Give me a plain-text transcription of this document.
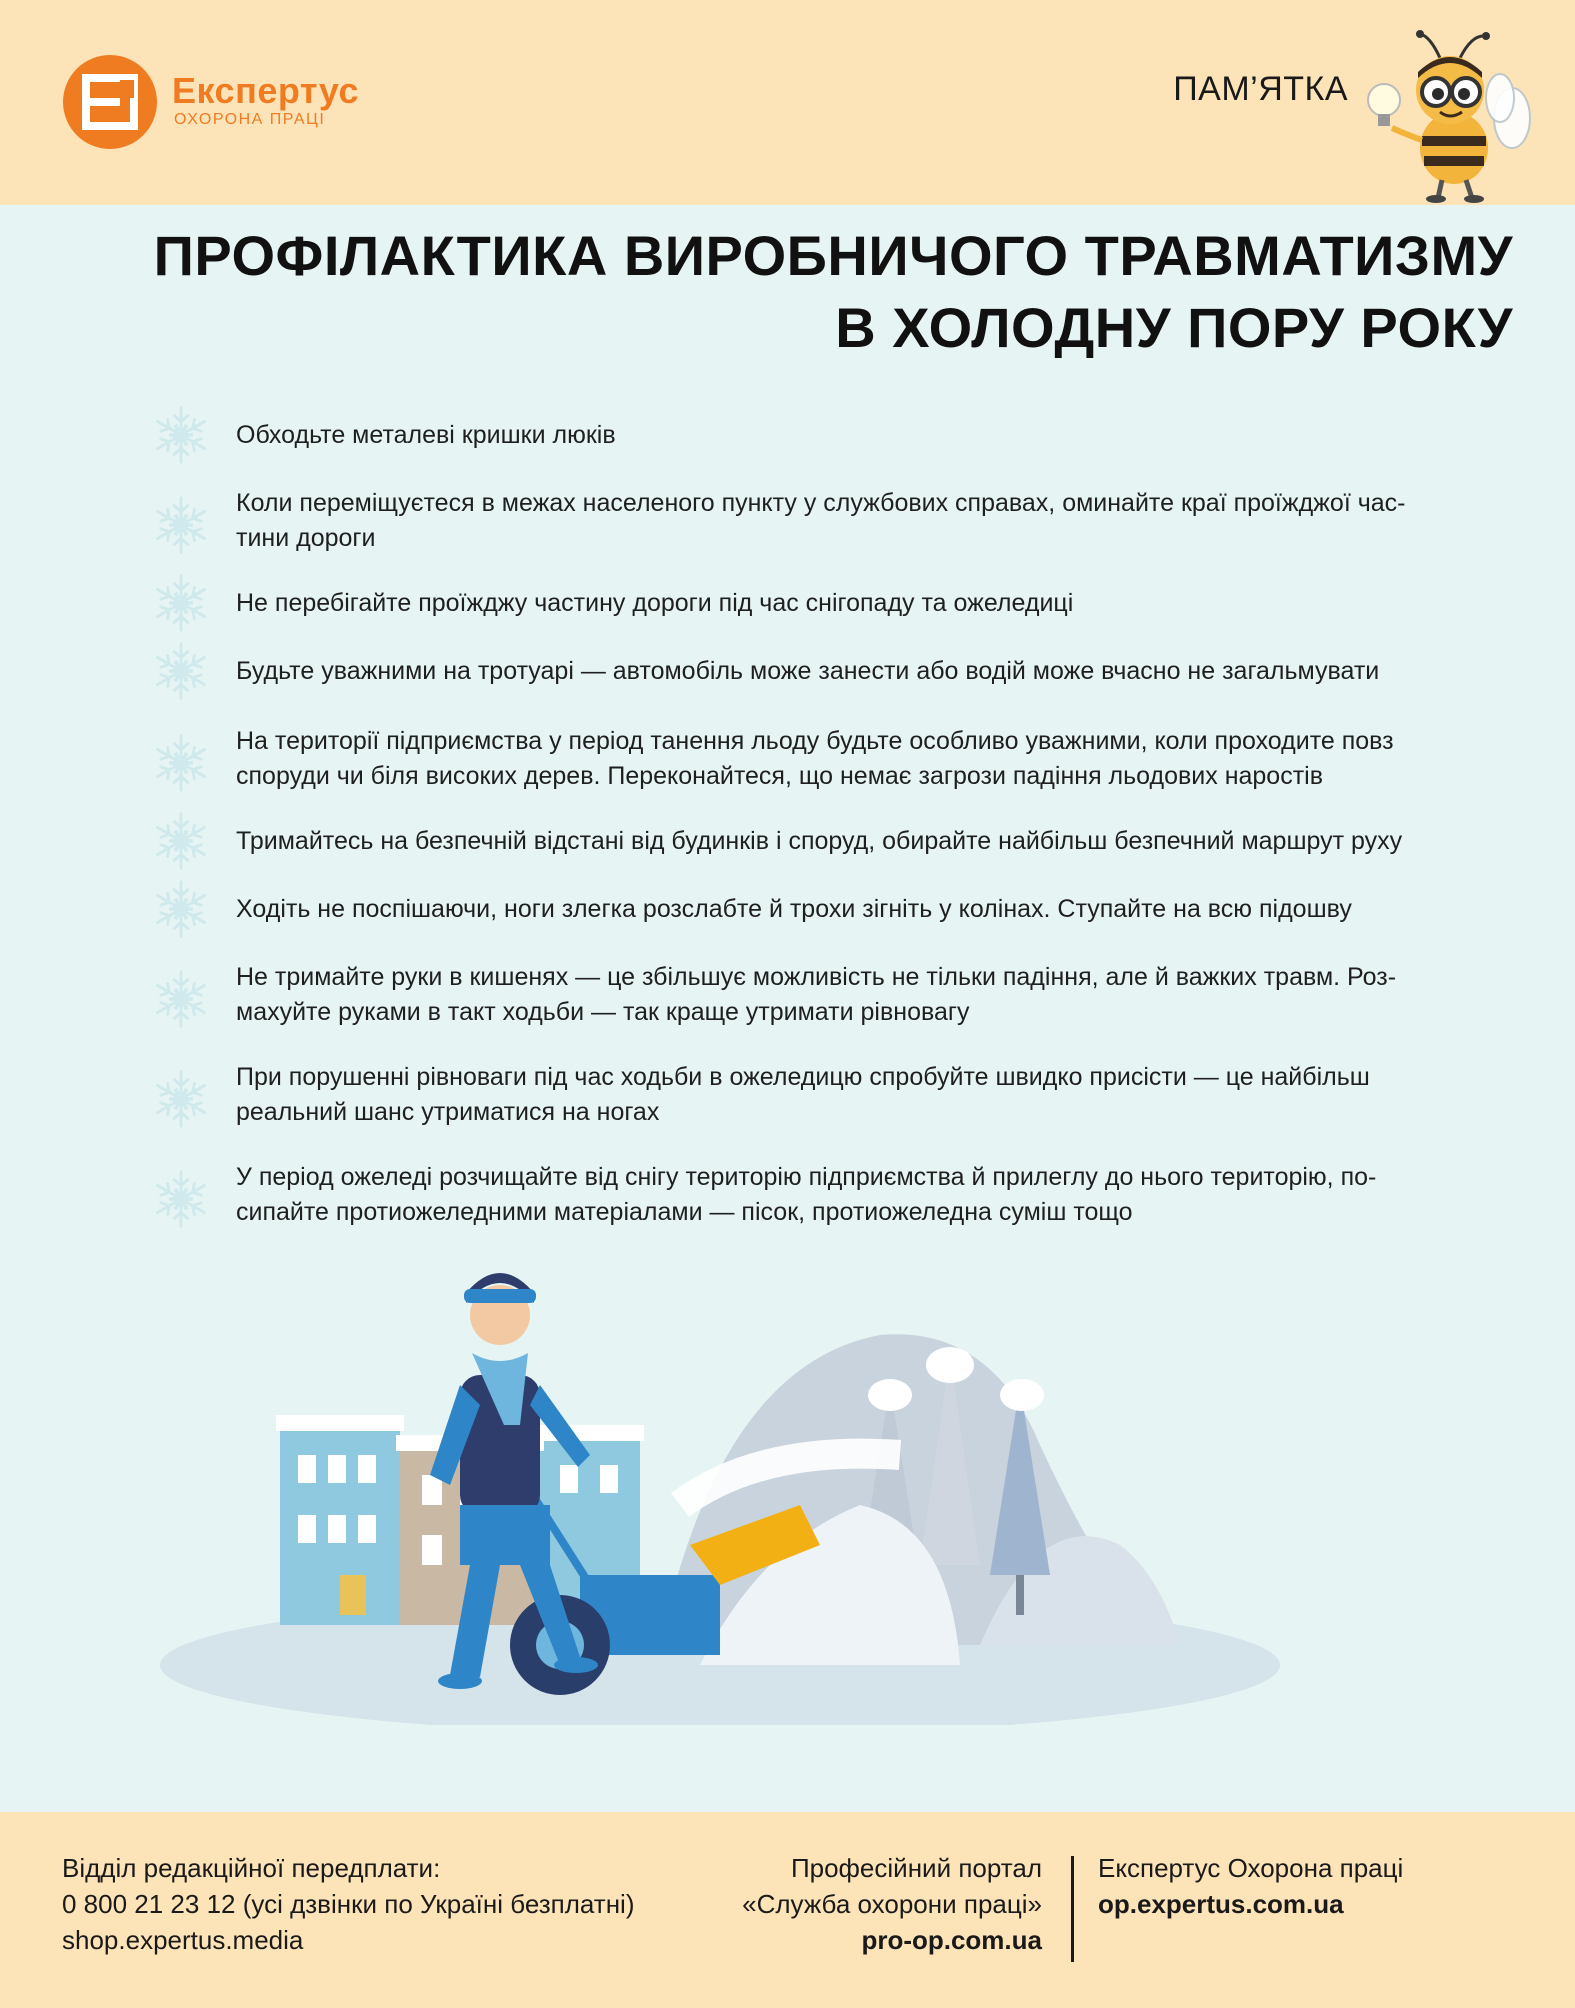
Експертус
ОХОРОНА ПРАЦІ
ПАМ’ЯТКА
ПРОФІЛАКТИКА ВИРОБНИЧОГО ТРАВМАТИЗМУ
В ХОЛОДНУ ПОРУ РОКУ
Обходьте металеві кришки люків
Коли переміщуєтеся в межах населеного пункту у службових справах, оминайте краї проїжджої час-
тини дороги
Не перебігайте проїжджу частину дороги під час снігопаду та ожеледиці
Будьте уважними на тротуарі — автомобіль може занести або водій може вчасно не загальмувати
На території підприємства у період танення льоду будьте особливо уважними, коли проходите повз
споруди чи біля високих дерев. Переконайтеся, що немає загрози падіння льодових наростів
Тримайтесь на безпечній відстані від будинків і споруд, обирайте найбільш безпечний маршрут руху
Ходіть не поспішаючи, ноги злегка розслабте й трохи зігніть у колінах. Ступайте на всю підошву
Не тримайте руки в кишенях — це збільшує можливість не тільки падіння, але й важких травм. Роз-
махуйте руками в такт ходьби — так краще утримати рівновагу
При порушенні рівноваги під час ходьби в ожеледицю спробуйте швидко присісти — це найбільш
реальний шанс утриматися на ногах
У період ожеледі розчищайте від снігу територію підприємства й прилеглу до нього територію, по-
сипайте протиожеледними матеріалами — пісок, протиожеледна суміш тощо
Відділ редакційної передплати:
0 800 21 23 12 (усі дзвінки по Україні безплатні)
shop.expertus.media
Професійний портал
«Служба охорони праці»
pro-op.com.ua
Експертус Охорона праці
op.expertus.com.ua
